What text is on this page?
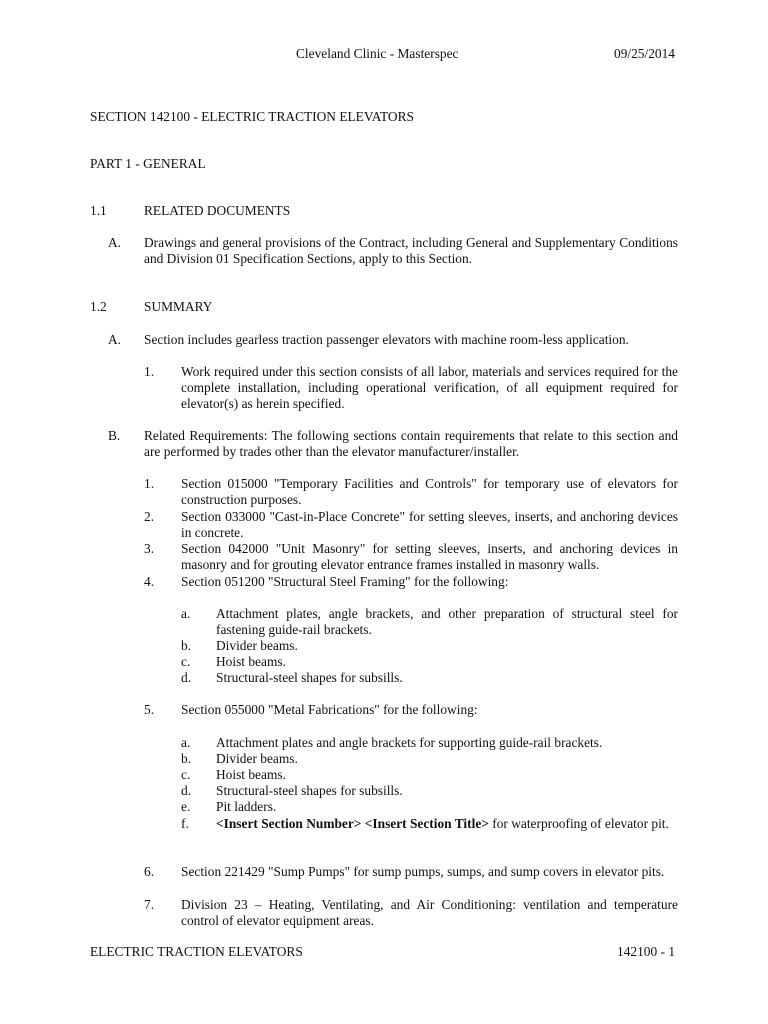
Cleveland Clinic - Masterspec	09/25/2014
SECTION 142100 - ELECTRIC TRACTION ELEVATORS
PART 1 - GENERAL
1.1	RELATED DOCUMENTS
A. Drawings and general provisions of the Contract, including General and Supplementary Conditions and Division 01 Specification Sections, apply to this Section.
1.2	SUMMARY
A. Section includes gearless traction passenger elevators with machine room-less application.
1. Work required under this section consists of all labor, materials and services required for the complete installation, including operational verification, of all equipment required for elevator(s) as herein specified.
B. Related Requirements: The following sections contain requirements that relate to this section and are performed by trades other than the elevator manufacturer/installer.
1. Section 015000 "Temporary Facilities and Controls" for temporary use of elevators for construction purposes.
2. Section 033000 "Cast-in-Place Concrete" for setting sleeves, inserts, and anchoring devices in concrete.
3. Section 042000 "Unit Masonry" for setting sleeves, inserts, and anchoring devices in masonry and for grouting elevator entrance frames installed in masonry walls.
4. Section 051200 "Structural Steel Framing" for the following:
a. Attachment plates, angle brackets, and other preparation of structural steel for fastening guide-rail brackets.
b. Divider beams.
c. Hoist beams.
d. Structural-steel shapes for subsills.
5. Section 055000 "Metal Fabrications" for the following:
a. Attachment plates and angle brackets for supporting guide-rail brackets.
b. Divider beams.
c. Hoist beams.
d. Structural-steel shapes for subsills.
e. Pit ladders.
f. <Insert Section Number> <Insert Section Title> for waterproofing of elevator pit.
6. Section 221429 "Sump Pumps" for sump pumps, sumps, and sump covers in elevator pits.
7. Division 23 – Heating, Ventilating, and Air Conditioning: ventilation and temperature control of elevator equipment areas.
ELECTRIC TRACTION ELEVATORS	142100 - 1
